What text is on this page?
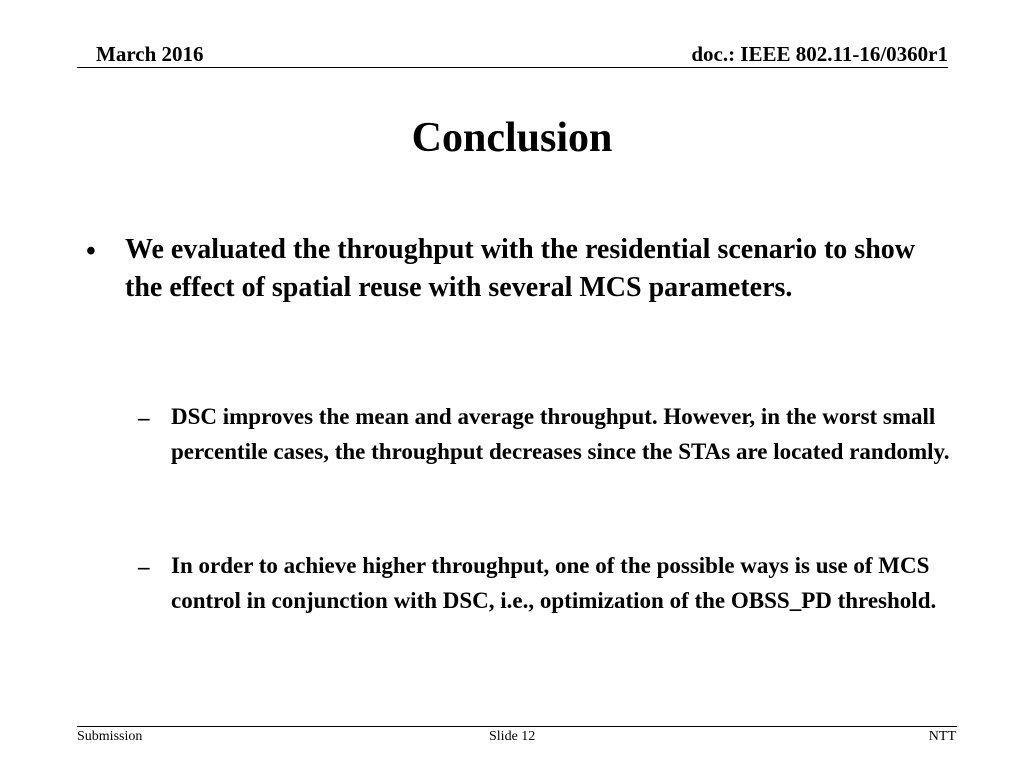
March 2016	doc.: IEEE 802.11-16/0360r1
Conclusion
• We evaluated the throughput with the residential scenario to show the effect of spatial reuse with several MCS parameters.
– DSC improves the mean and average throughput. However, in the worst small percentile cases, the throughput decreases since the STAs are located randomly.
– In order to achieve higher throughput, one of the possible ways is use of MCS control in conjunction with DSC, i.e., optimization of the OBSS_PD threshold.
Submission	Slide 12	NTT
